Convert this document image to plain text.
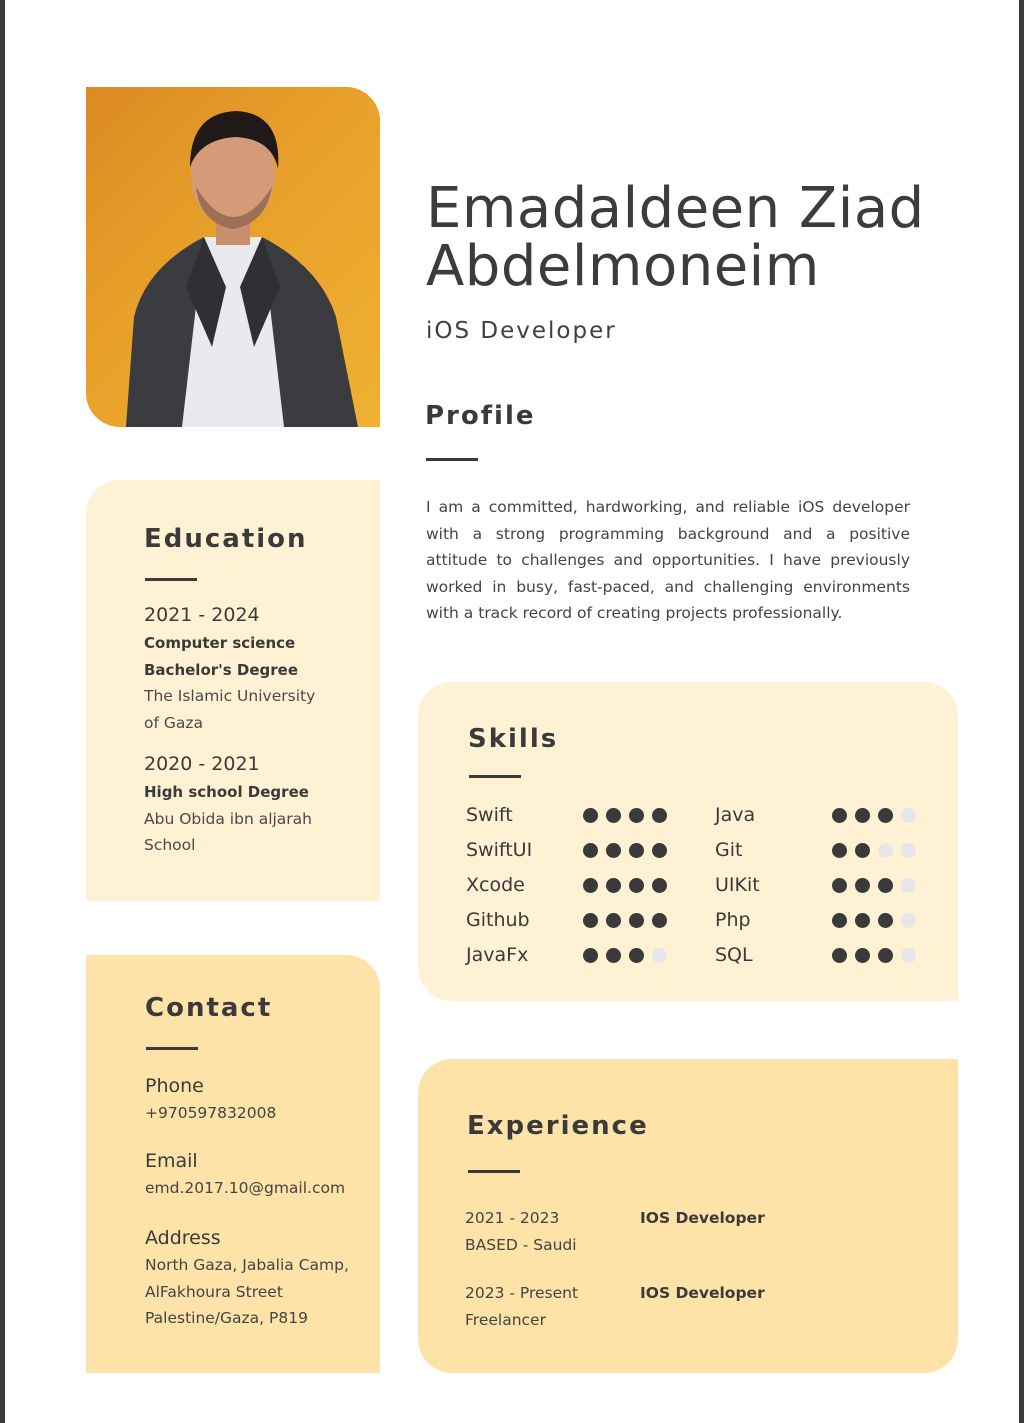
Emadaldeen Ziad
Abdelmoneim
iOS Developer
Profile
I am a committed, hardworking, and reliable iOS developer with a strong programming background and a positive attitude to challenges and opportunities. I have previously worked in busy, fast-paced, and challenging environments with a track record of creating projects professionally.
Education
2021 - 2024
Computer science
Bachelor's Degree
The Islamic University
of Gaza
2020 - 2021
High school Degree
Abu Obida ibn aljarah
School
Contact
Phone
+970597832008
Email
emd.2017.10@gmail.com
Address
North Gaza, Jabalia Camp,
AlFakhoura Street
Palestine/Gaza, P819
Skills
Swift
SwiftUI
Xcode
Github
JavaFx
Java
Git
UIKit
Php
SQL
Experience
2021 - 2023
BASED - Saudi
IOS Developer
2023 - Present
Freelancer
IOS Developer
